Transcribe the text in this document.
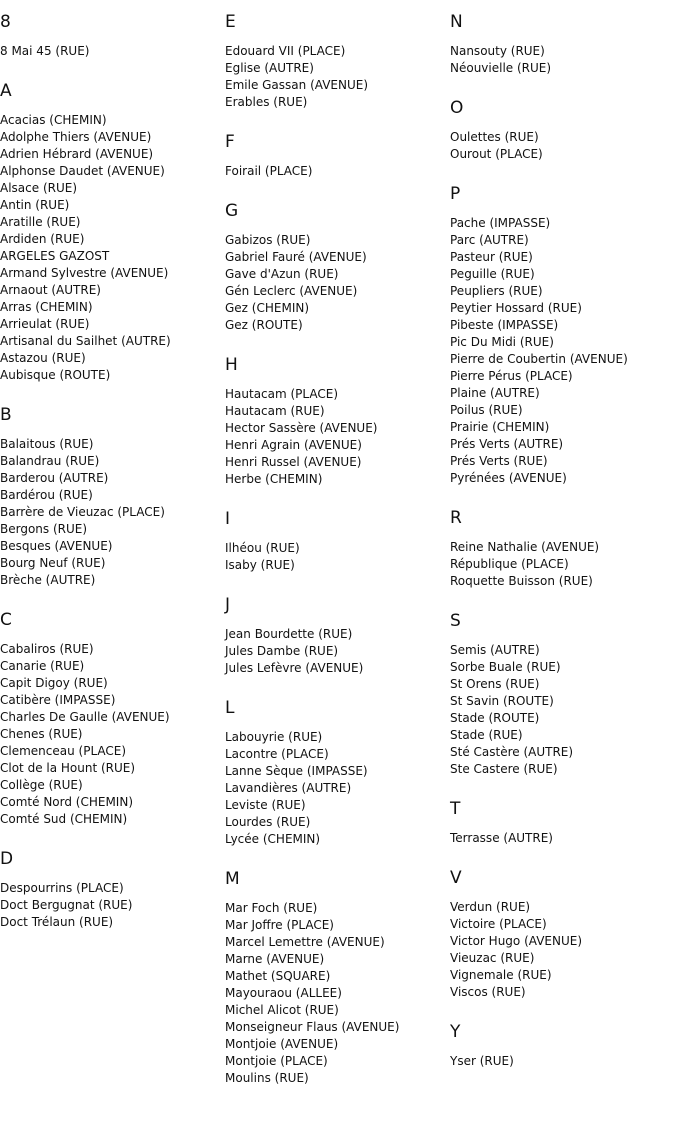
8
8 Mai 45 (RUE)
A
Acacias (CHEMIN)
Adolphe Thiers (AVENUE)
Adrien Hébrard (AVENUE)
Alphonse Daudet (AVENUE)
Alsace (RUE)
Antin (RUE)
Aratille (RUE)
Ardiden (RUE)
ARGELES GAZOST
Armand Sylvestre (AVENUE)
Arnaout (AUTRE)
Arras (CHEMIN)
Arrieulat (RUE)
Artisanal du Sailhet (AUTRE)
Astazou (RUE)
Aubisque (ROUTE)
B
Balaitous (RUE)
Balandrau (RUE)
Barderou (AUTRE)
Bardérou (RUE)
Barrère de Vieuzac (PLACE)
Bergons (RUE)
Besques (AVENUE)
Bourg Neuf (RUE)
Brèche (AUTRE)
C
Cabaliros (RUE)
Canarie (RUE)
Capit Digoy (RUE)
Catibère (IMPASSE)
Charles De Gaulle (AVENUE)
Chenes (RUE)
Clemenceau (PLACE)
Clot de la Hount (RUE)
Collège (RUE)
Comté Nord (CHEMIN)
Comté Sud (CHEMIN)
D
Despourrins (PLACE)
Doct Bergugnat (RUE)
Doct Trélaun (RUE)
E
Edouard VII (PLACE)
Eglise (AUTRE)
Emile Gassan (AVENUE)
Erables (RUE)
F
Foirail (PLACE)
G
Gabizos (RUE)
Gabriel Fauré (AVENUE)
Gave d'Azun (RUE)
Gén Leclerc (AVENUE)
Gez (CHEMIN)
Gez (ROUTE)
H
Hautacam (PLACE)
Hautacam (RUE)
Hector Sassère (AVENUE)
Henri Agrain (AVENUE)
Henri Russel (AVENUE)
Herbe (CHEMIN)
I
Ilhéou (RUE)
Isaby (RUE)
J
Jean Bourdette (RUE)
Jules Dambe (RUE)
Jules Lefèvre (AVENUE)
L
Labouyrie (RUE)
Lacontre (PLACE)
Lanne Sèque (IMPASSE)
Lavandières (AUTRE)
Leviste (RUE)
Lourdes (RUE)
Lycée (CHEMIN)
M
Mar Foch (RUE)
Mar Joffre (PLACE)
Marcel Lemettre (AVENUE)
Marne (AVENUE)
Mathet (SQUARE)
Mayouraou (ALLEE)
Michel Alicot (RUE)
Monseigneur Flaus (AVENUE)
Montjoie (AVENUE)
Montjoie (PLACE)
Moulins (RUE)
N
Nansouty (RUE)
Néouvielle (RUE)
O
Oulettes (RUE)
Ourout (PLACE)
P
Pache (IMPASSE)
Parc (AUTRE)
Pasteur (RUE)
Peguille (RUE)
Peupliers (RUE)
Peytier Hossard (RUE)
Pibeste (IMPASSE)
Pic Du Midi (RUE)
Pierre de Coubertin (AVENUE)
Pierre Pérus (PLACE)
Plaine (AUTRE)
Poilus (RUE)
Prairie (CHEMIN)
Prés Verts (AUTRE)
Prés Verts (RUE)
Pyrénées (AVENUE)
R
Reine Nathalie (AVENUE)
République (PLACE)
Roquette Buisson (RUE)
S
Semis (AUTRE)
Sorbe Buale (RUE)
St Orens (RUE)
St Savin (ROUTE)
Stade (ROUTE)
Stade (RUE)
Sté Castère (AUTRE)
Ste Castere (RUE)
T
Terrasse (AUTRE)
V
Verdun (RUE)
Victoire (PLACE)
Victor Hugo (AVENUE)
Vieuzac (RUE)
Vignemale (RUE)
Viscos (RUE)
Y
Yser (RUE)
